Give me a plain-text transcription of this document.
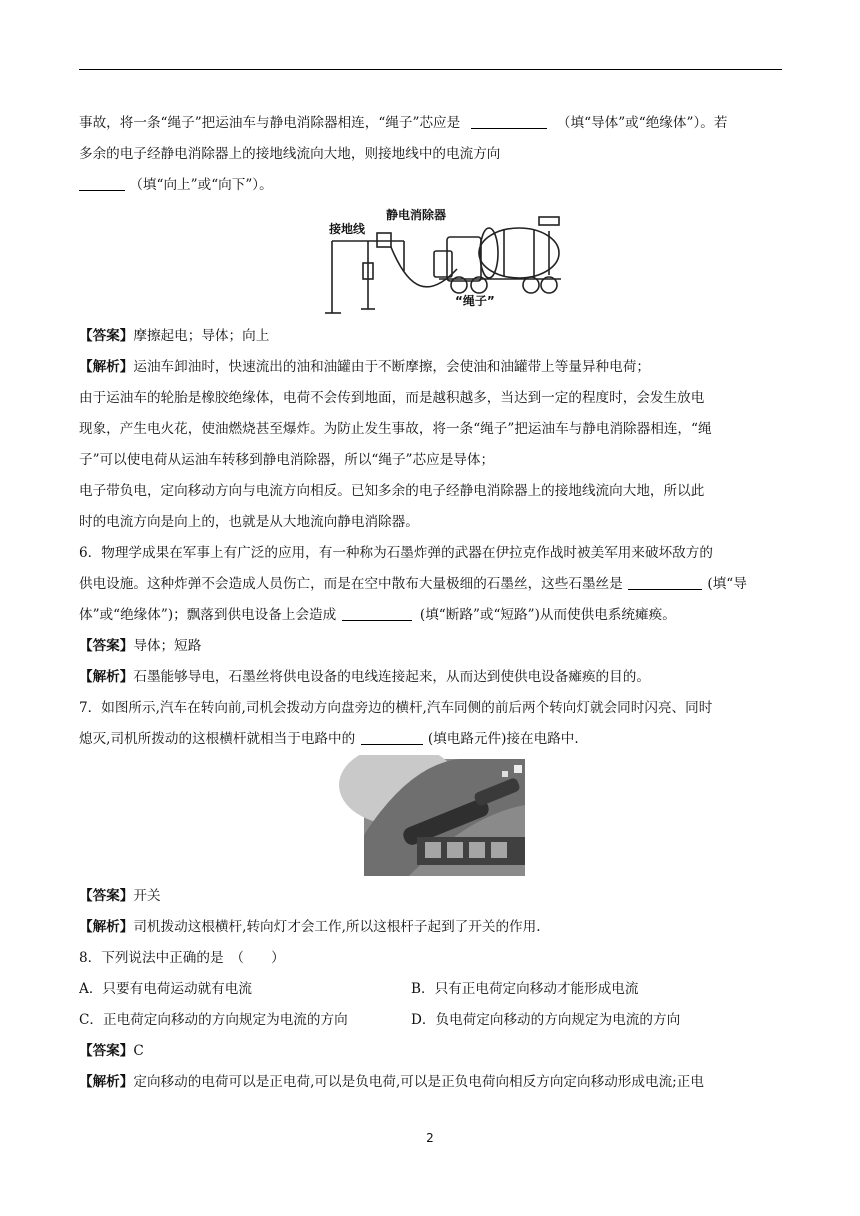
事故，将一条“绳子”把运油车与静电消除器相连，“绳子”芯应是	（填“导体”或“绝缘体”）。若
多余的电子经静电消除器上的接地线流向大地，则接地线中的电流方向
（填“向上”或“向下”）。
静电消除器
接地线
“绳子”
【答案】摩擦起电；导体；向上
【解析】运油车卸油时，快速流出的油和油罐由于不断摩擦，会使油和油罐带上等量异种电荷；
由于运油车的轮胎是橡胶绝缘体，电荷不会传到地面，而是越积越多，当达到一定的程度时，会发生放电
现象，产生电火花，使油燃烧甚至爆炸。为防止发生事故，将一条“绳子”把运油车与静电消除器相连，“绳
子”可以使电荷从运油车转移到静电消除器，所以“绳子”芯应是导体；
电子带负电，定向移动方向与电流方向相反。已知多余的电子经静电消除器上的接地线流向大地，所以此
时的电流方向是向上的，也就是从大地流向静电消除器。
6．物理学成果在军事上有广泛的应用，有一种称为石墨炸弹的武器在伊拉克作战时被美军用来破坏敌方的
供电设施。这种炸弹不会造成人员伤亡，而是在空中散布大量极细的石墨丝，这些石墨丝是	(填“导
体”或“绝缘体”)；飘落到供电设备上会造成	(填“断路”或“短路”)从而使供电系统瘫痪。
【答案】导体；短路
【解析】石墨能够导电，石墨丝将供电设备的电线连接起来，从而达到使供电设备瘫痪的目的。
7．如图所示,汽车在转向前,司机会拨动方向盘旁边的横杆,汽车同侧的前后两个转向灯就会同时闪亮、同时
熄灭,司机所拨动的这根横杆就相当于电路中的	(填电路元件)接在电路中.
【答案】开关
【解析】司机拨动这根横杆,转向灯才会工作,所以这根杆子起到了开关的作用.
8．下列说法中正确的是　（　　）
A．只要有电荷运动就有电流	B．只有正电荷定向移动才能形成电流
C．正电荷定向移动的方向规定为电流的方向	D．负电荷定向移动的方向规定为电流的方向
【答案】C
【解析】定向移动的电荷可以是正电荷,可以是负电荷,可以是正负电荷向相反方向定向移动形成电流;正电
2
